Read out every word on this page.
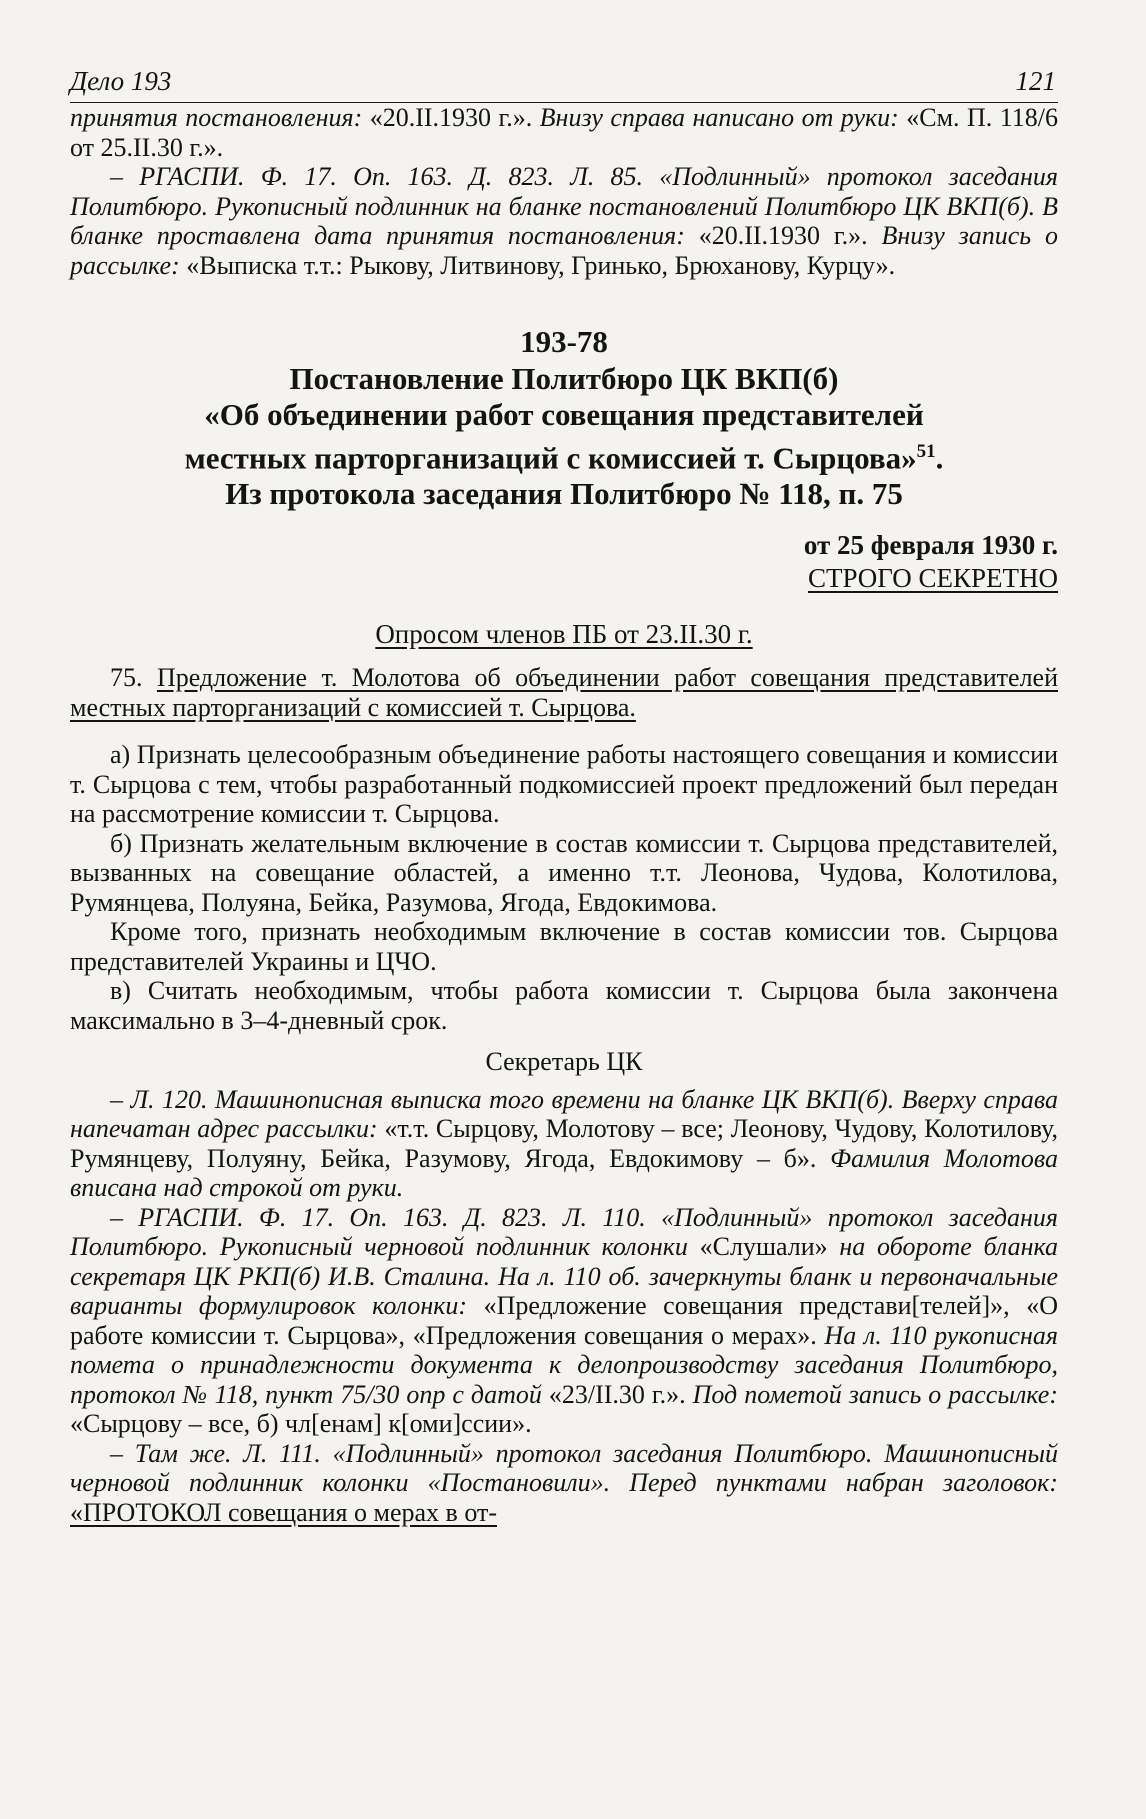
Дело 193	121

принятия постановления: «20.II.1930 г.». Внизу справа написано от руки: «См. П. 118/6 от 25.II.30 г.».

– РГАСПИ. Ф. 17. Оп. 163. Д. 823. Л. 85. «Подлинный» протокол заседания Политбюро. Рукописный подлинник на бланке постановлений Политбюро ЦК ВКП(б). В бланке проставлена дата принятия постановления: «20.II.1930 г.». Внизу запись о рассылке: «Выписка т.т.: Рыкову, Литвинову, Гринько, Брюханову, Курцу».

193-78
Постановление Политбюро ЦК ВКП(б)
«Об объединении работ совещания представителей
местных парторганизаций с комиссией т. Сырцова»$^{51}$.
Из протокола заседания Политбюро № 118, п. 75
от 25 февраля 1930 г.
СТРОГО СЕКРЕТНО
Опросом членов ПБ от 23.II.30 г.

75. Предложение т. Молотова об объединении работ совещания представителей местных парторганизаций с комиссией т. Сырцова.

а) Признать целесообразным объединение работы настоящего совещания и комиссии т. Сырцова с тем, чтобы разработанный подкомиссией проект предложений был передан на рассмотрение комиссии т. Сырцова.

б) Признать желательным включение в состав комиссии т. Сырцова представителей, вызванных на совещание областей, а именно т.т. Леонова, Чудова, Колотилова, Румянцева, Полуяна, Бейка, Разумова, Ягода, Евдокимова.

Кроме того, признать необходимым включение в состав комиссии тов. Сырцова представителей Украины и ЦЧО.

в) Считать необходимым, чтобы работа комиссии т. Сырцова была закончена максимально в 3–4-дневный срок.

Секретарь ЦК

– Л. 120. Машинописная выписка того времени на бланке ЦК ВКП(б). Вверху справа напечатан адрес рассылки: «т.т. Сырцову, Молотову – все; Леонову, Чудову, Колотилову, Румянцеву, Полуяну, Бейка, Разумову, Ягода, Евдокимову – б». Фамилия Молотова вписана над строкой от руки.

– РГАСПИ. Ф. 17. Оп. 163. Д. 823. Л. 110. «Подлинный» протокол заседания Политбюро. Рукописный черновой подлинник колонки «Слушали» на обороте бланка секретаря ЦК РКП(б) И.В. Сталина. На л. 110 об. зачеркнуты бланк и первоначальные варианты формулировок колонки: «Предложение совещания представи[телей]», «О работе комиссии т. Сырцова», «Предложения совещания о мерах». На л. 110 рукописная помета о принадлежности документа к делопроизводству заседания Политбюро, протокол № 118, пункт 75/30 опр с датой «23/II.30 г.». Под пометой запись о рассылке: «Сырцову – все, б) чл[енам] к[оми]ссии».

– Там же. Л. 111. «Подлинный» протокол заседания Политбюро. Машинописный черновой подлинник колонки «Постановили». Перед пунктами набран заголовок: «ПРОТОКОЛ совещания о мерах в от-
